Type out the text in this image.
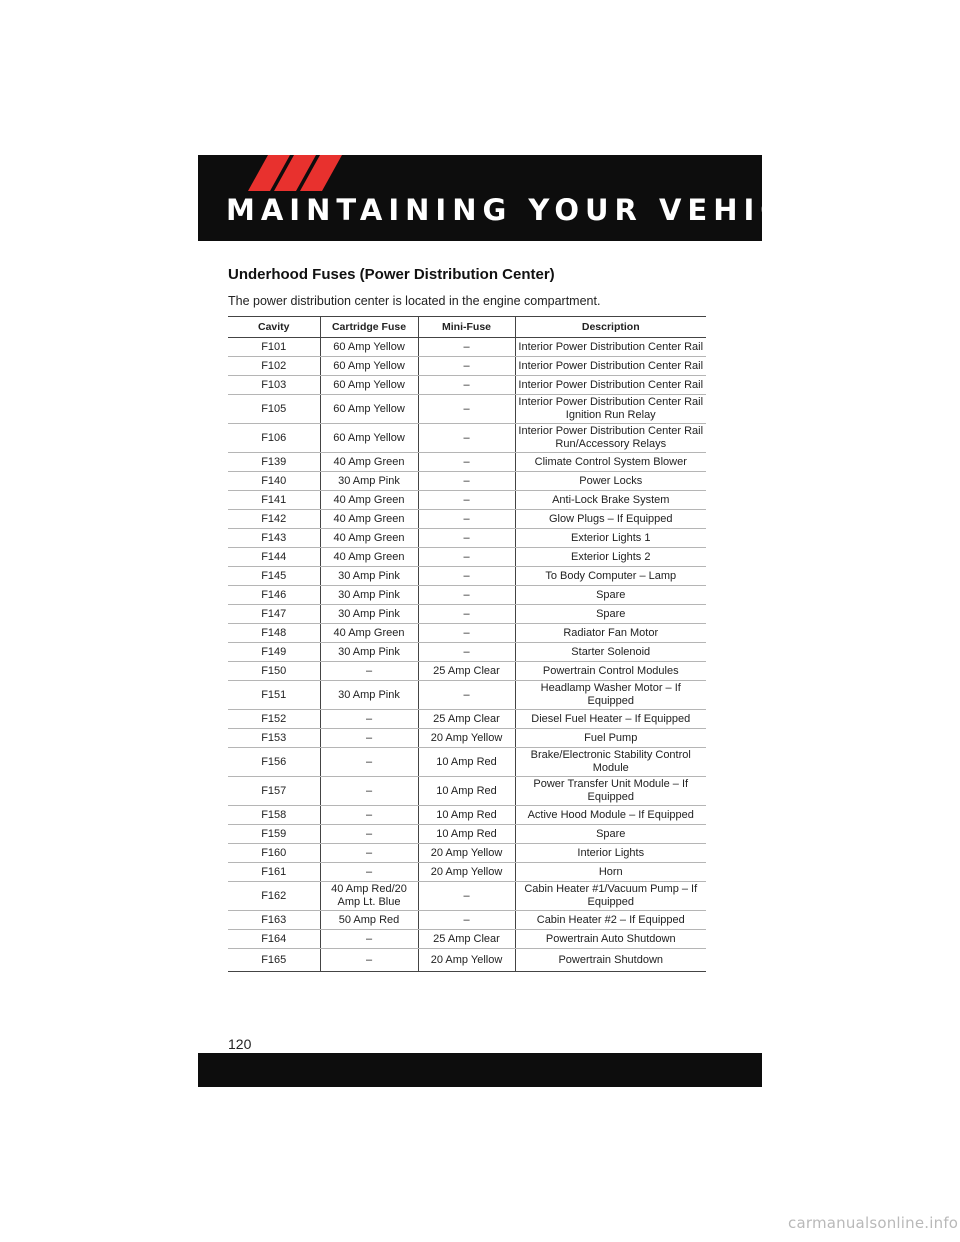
MAINTAINING YOUR VEHICLE
Underhood Fuses (Power Distribution Center)
The power distribution center is located in the engine compartment.
Cavity	Cartridge Fuse	Mini-Fuse	Description
F101	60 Amp Yellow	–	Interior Power Distribution Center Rail
F102	60 Amp Yellow	–	Interior Power Distribution Center Rail
F103	60 Amp Yellow	–	Interior Power Distribution Center Rail
F105	60 Amp Yellow	–	Interior Power Distribution Center Rail Ignition Run Relay
F106	60 Amp Yellow	–	Interior Power Distribution Center Rail Run/Accessory Relays
F139	40 Amp Green	–	Climate Control System Blower
F140	30 Amp Pink	–	Power Locks
F141	40 Amp Green	–	Anti-Lock Brake System
F142	40 Amp Green	–	Glow Plugs – If Equipped
F143	40 Amp Green	–	Exterior Lights 1
F144	40 Amp Green	–	Exterior Lights 2
F145	30 Amp Pink	–	To Body Computer – Lamp
F146	30 Amp Pink	–	Spare
F147	30 Amp Pink	–	Spare
F148	40 Amp Green	–	Radiator Fan Motor
F149	30 Amp Pink	–	Starter Solenoid
F150	–	25 Amp Clear	Powertrain Control Modules
F151	30 Amp Pink	–	Headlamp Washer Motor – If Equipped
F152	–	25 Amp Clear	Diesel Fuel Heater – If Equipped
F153	–	20 Amp Yellow	Fuel Pump
F156	–	10 Amp Red	Brake/Electronic Stability Control Module
F157	–	10 Amp Red	Power Transfer Unit Module – If Equipped
F158	–	10 Amp Red	Active Hood Module – If Equipped
F159	–	10 Amp Red	Spare
F160	–	20 Amp Yellow	Interior Lights
F161	–	20 Amp Yellow	Horn
F162	40 Amp Red/20 Amp Lt. Blue	–	Cabin Heater #1/Vacuum Pump – If Equipped
F163	50 Amp Red	–	Cabin Heater #2 – If Equipped
F164	–	25 Amp Clear	Powertrain Auto Shutdown
F165	–	20 Amp Yellow	Powertrain Shutdown
120
carmanualsonline.info
